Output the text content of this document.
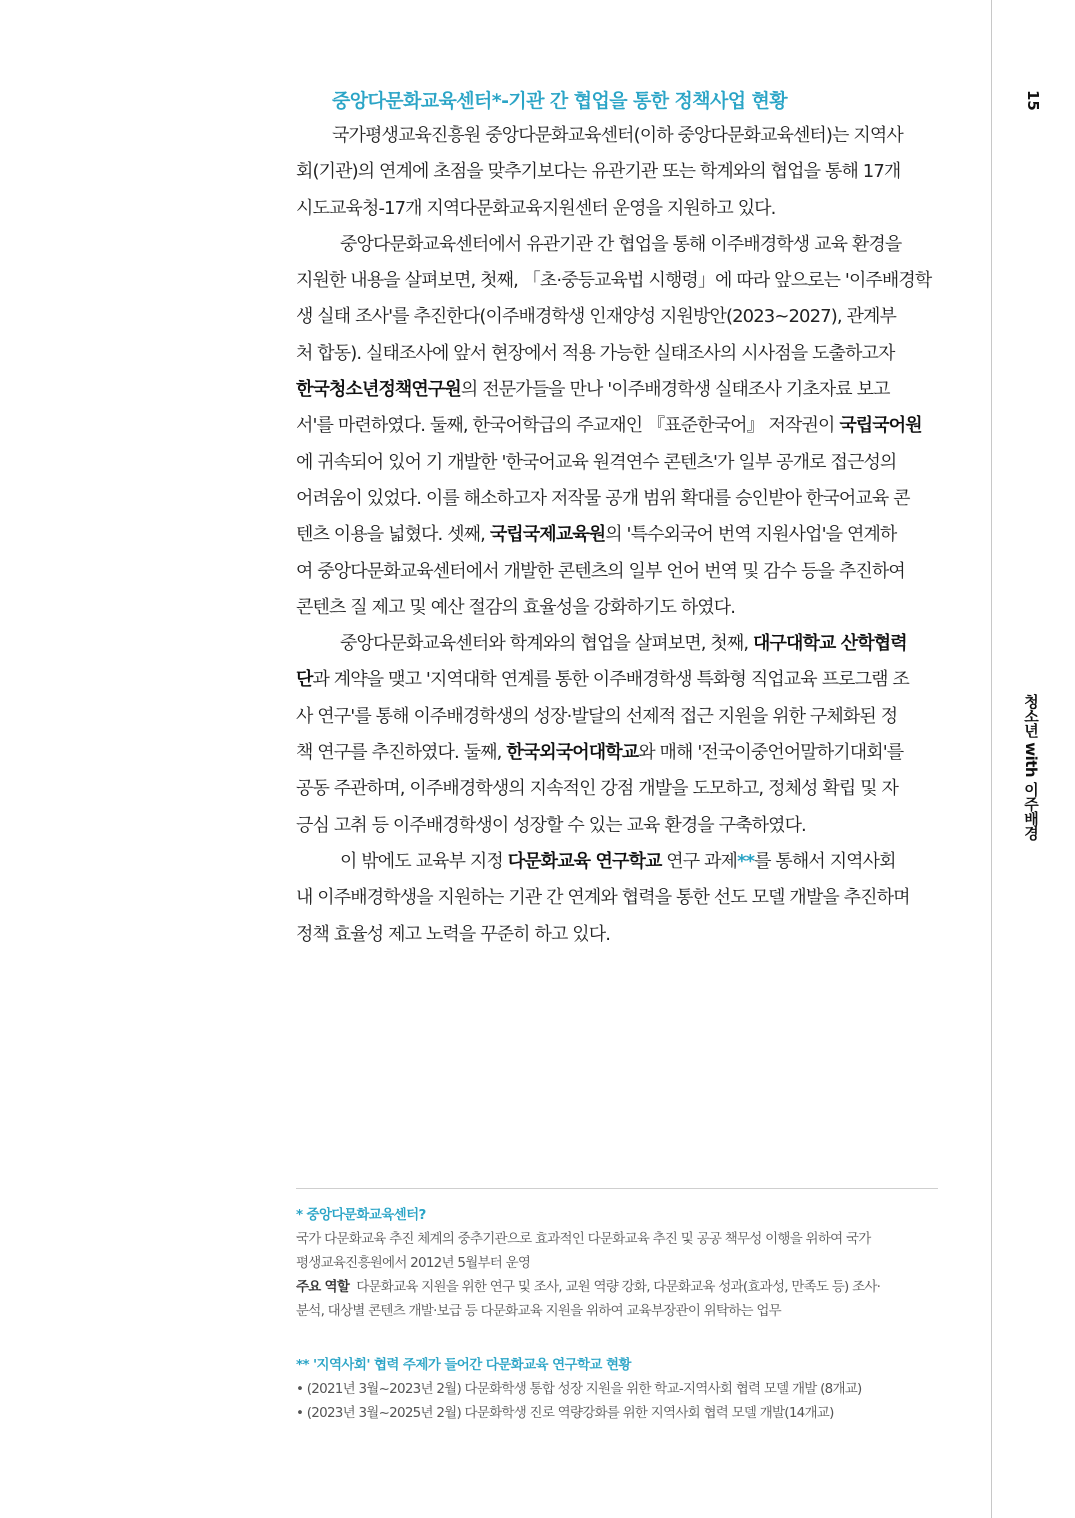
15
청소년 with 이주배경
중앙다문화교육센터*-기관 간 협업을 통한 정책사업 현황
국가평생교육진흥원 중앙다문화교육센터(이하 중앙다문화교육센터)는 지역사
회(기관)의 연계에 초점을 맞추기보다는 유관기관 또는 학계와의 협업을 통해 17개
시도교육청-17개 지역다문화교육지원센터 운영을 지원하고 있다.
중앙다문화교육센터에서 유관기관 간 협업을 통해 이주배경학생 교육 환경을
지원한 내용을 살펴보면, 첫째, 「초·중등교육법 시행령」에 따라 앞으로는 '이주배경학
생 실태 조사'를 추진한다(이주배경학생 인재양성 지원방안(2023~2027), 관계부
처 합동). 실태조사에 앞서 현장에서 적용 가능한 실태조사의 시사점을 도출하고자
한국청소년정책연구원의 전문가들을 만나 '이주배경학생 실태조사 기초자료 보고
서'를 마련하였다. 둘째, 한국어학급의 주교재인 『표준한국어』 저작권이 국립국어원
에 귀속되어 있어 기 개발한 '한국어교육 원격연수 콘텐츠'가 일부 공개로 접근성의
어려움이 있었다. 이를 해소하고자 저작물 공개 범위 확대를 승인받아 한국어교육 콘
텐츠 이용을 넓혔다. 셋째, 국립국제교육원의 '특수외국어 번역 지원사업'을 연계하
여 중앙다문화교육센터에서 개발한 콘텐츠의 일부 언어 번역 및 감수 등을 추진하여
콘텐츠 질 제고 및 예산 절감의 효율성을 강화하기도 하였다.
중앙다문화교육센터와 학계와의 협업을 살펴보면, 첫째, 대구대학교 산학협력
단과 계약을 맺고 '지역대학 연계를 통한 이주배경학생 특화형 직업교육 프로그램 조
사 연구'를 통해 이주배경학생의 성장·발달의 선제적 접근 지원을 위한 구체화된 정
책 연구를 추진하였다. 둘째, 한국외국어대학교와 매해 '전국이중언어말하기대회'를
공동 주관하며, 이주배경학생의 지속적인 강점 개발을 도모하고, 정체성 확립 및 자
긍심 고취 등 이주배경학생이 성장할 수 있는 교육 환경을 구축하였다.
이 밖에도 교육부 지정 다문화교육 연구학교 연구 과제**를 통해서 지역사회
내 이주배경학생을 지원하는 기관 간 연계와 협력을 통한 선도 모델 개발을 추진하며
정책 효율성 제고 노력을 꾸준히 하고 있다.
* 중앙다문화교육센터?
국가 다문화교육 추진 체계의 중추기관으로 효과적인 다문화교육 추진 및 공공 책무성 이행을 위하여 국가
평생교육진흥원에서 2012년 5월부터 운영
주요 역할  다문화교육 지원을 위한 연구 및 조사, 교원 역량 강화, 다문화교육 성과(효과성, 만족도 등) 조사·
분석, 대상별 콘텐츠 개발·보급 등 다문화교육 지원을 위하여 교육부장관이 위탁하는 업무
** '지역사회' 협력 주제가 들어간 다문화교육 연구학교 현황
• (2021년 3월~2023년 2월) 다문화학생 통합 성장 지원을 위한 학교-지역사회 협력 모델 개발 (8개교)
• (2023년 3월~2025년 2월) 다문화학생 진로 역량강화를 위한 지역사회 협력 모델 개발(14개교)
